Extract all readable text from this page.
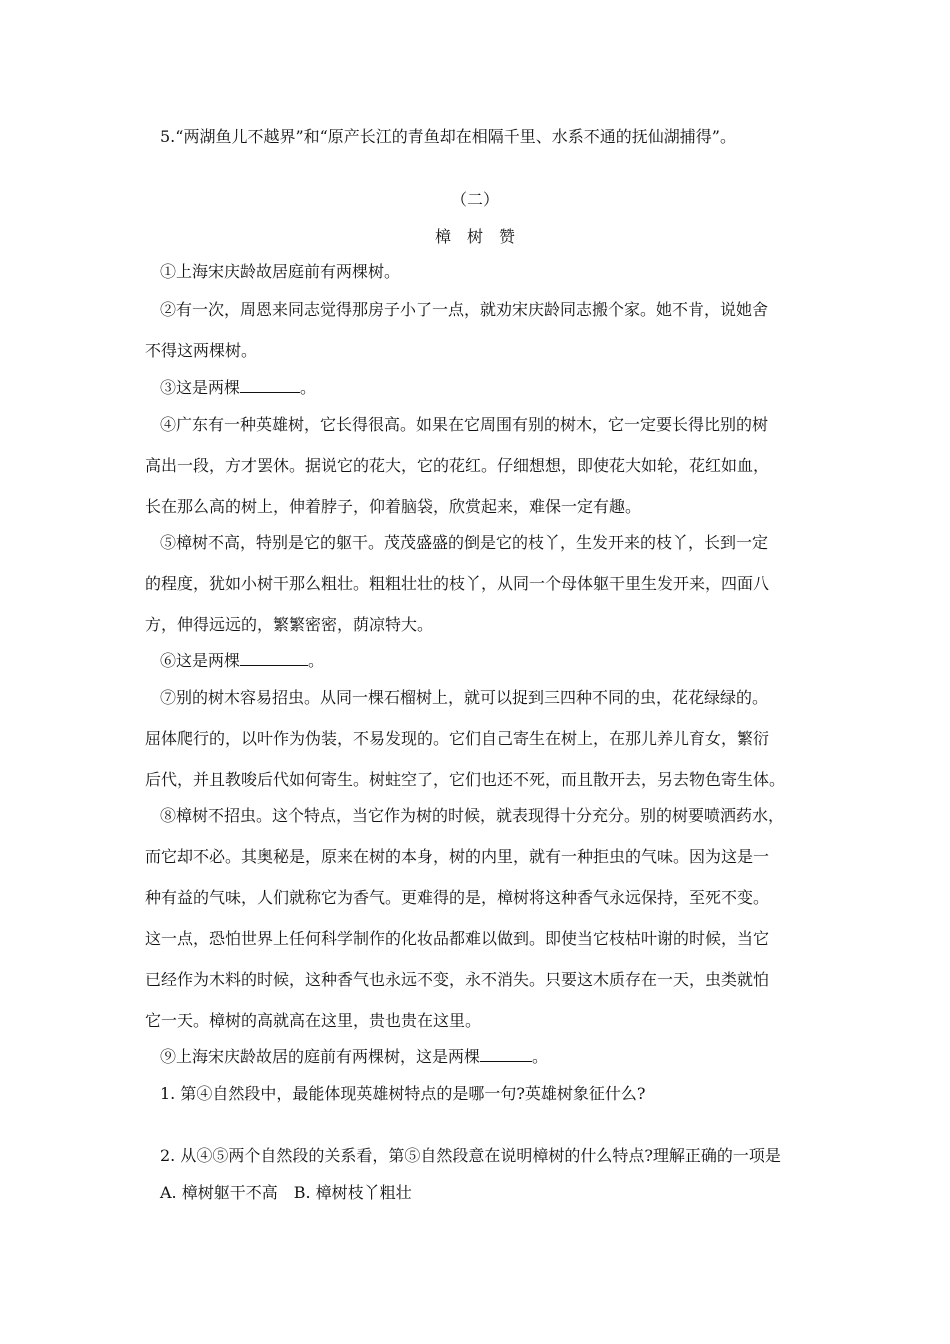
5.“两湖鱼儿不越界”和“原产长江的青鱼却在相隔千里、水系不通的抚仙湖捕得”。
（二）
樟　树　赞
①上海宋庆龄故居庭前有两棵树。
②有一次，周恩来同志觉得那房子小了一点，就劝宋庆龄同志搬个家。她不肯，说她舍
不得这两棵树。
③这是两棵	。
④广东有一种英雄树，它长得很高。如果在它周围有别的树木，它一定要长得比别的树
高出一段，方才罢休。据说它的花大，它的花红。仔细想想，即使花大如轮，花红如血，
长在那么高的树上，伸着脖子，仰着脑袋，欣赏起来，难保一定有趣。
⑤樟树不高，特别是它的躯干。茂茂盛盛的倒是它的枝丫，生发开来的枝丫，长到一定
的程度，犹如小树干那么粗壮。粗粗壮壮的枝丫，从同一个母体躯干里生发开来，四面八
方，伸得远远的，繁繁密密，荫凉特大。
⑥这是两棵	。
⑦别的树木容易招虫。从同一棵石榴树上，就可以捉到三四种不同的虫，花花绿绿的。
屈体爬行的，以叶作为伪装，不易发现的。它们自己寄生在树上，在那儿养儿育女，繁衍
后代，并且教唆后代如何寄生。树蛀空了，它们也还不死，而且散开去，另去物色寄生体。
⑧樟树不招虫。这个特点，当它作为树的时候，就表现得十分充分。别的树要喷洒药水，
而它却不必。其奥秘是，原来在树的本身，树的内里，就有一种拒虫的气味。因为这是一
种有益的气味，人们就称它为香气。更难得的是，樟树将这种香气永远保持，至死不变。
这一点，恐怕世界上任何科学制作的化妆品都难以做到。即使当它枝枯叶谢的时候，当它
已经作为木料的时候，这种香气也永远不变，永不消失。只要这木质存在一天，虫类就怕
它一天。樟树的高就高在这里，贵也贵在这里。
⑨上海宋庆龄故居的庭前有两棵树，这是两棵	。
1. 第④自然段中，最能体现英雄树特点的是哪一句?英雄树象征什么?
2. 从④⑤两个自然段的关系看，第⑤自然段意在说明樟树的什么特点?理解正确的一项是
A. 樟树躯干不高　B. 樟树枝丫粗壮
